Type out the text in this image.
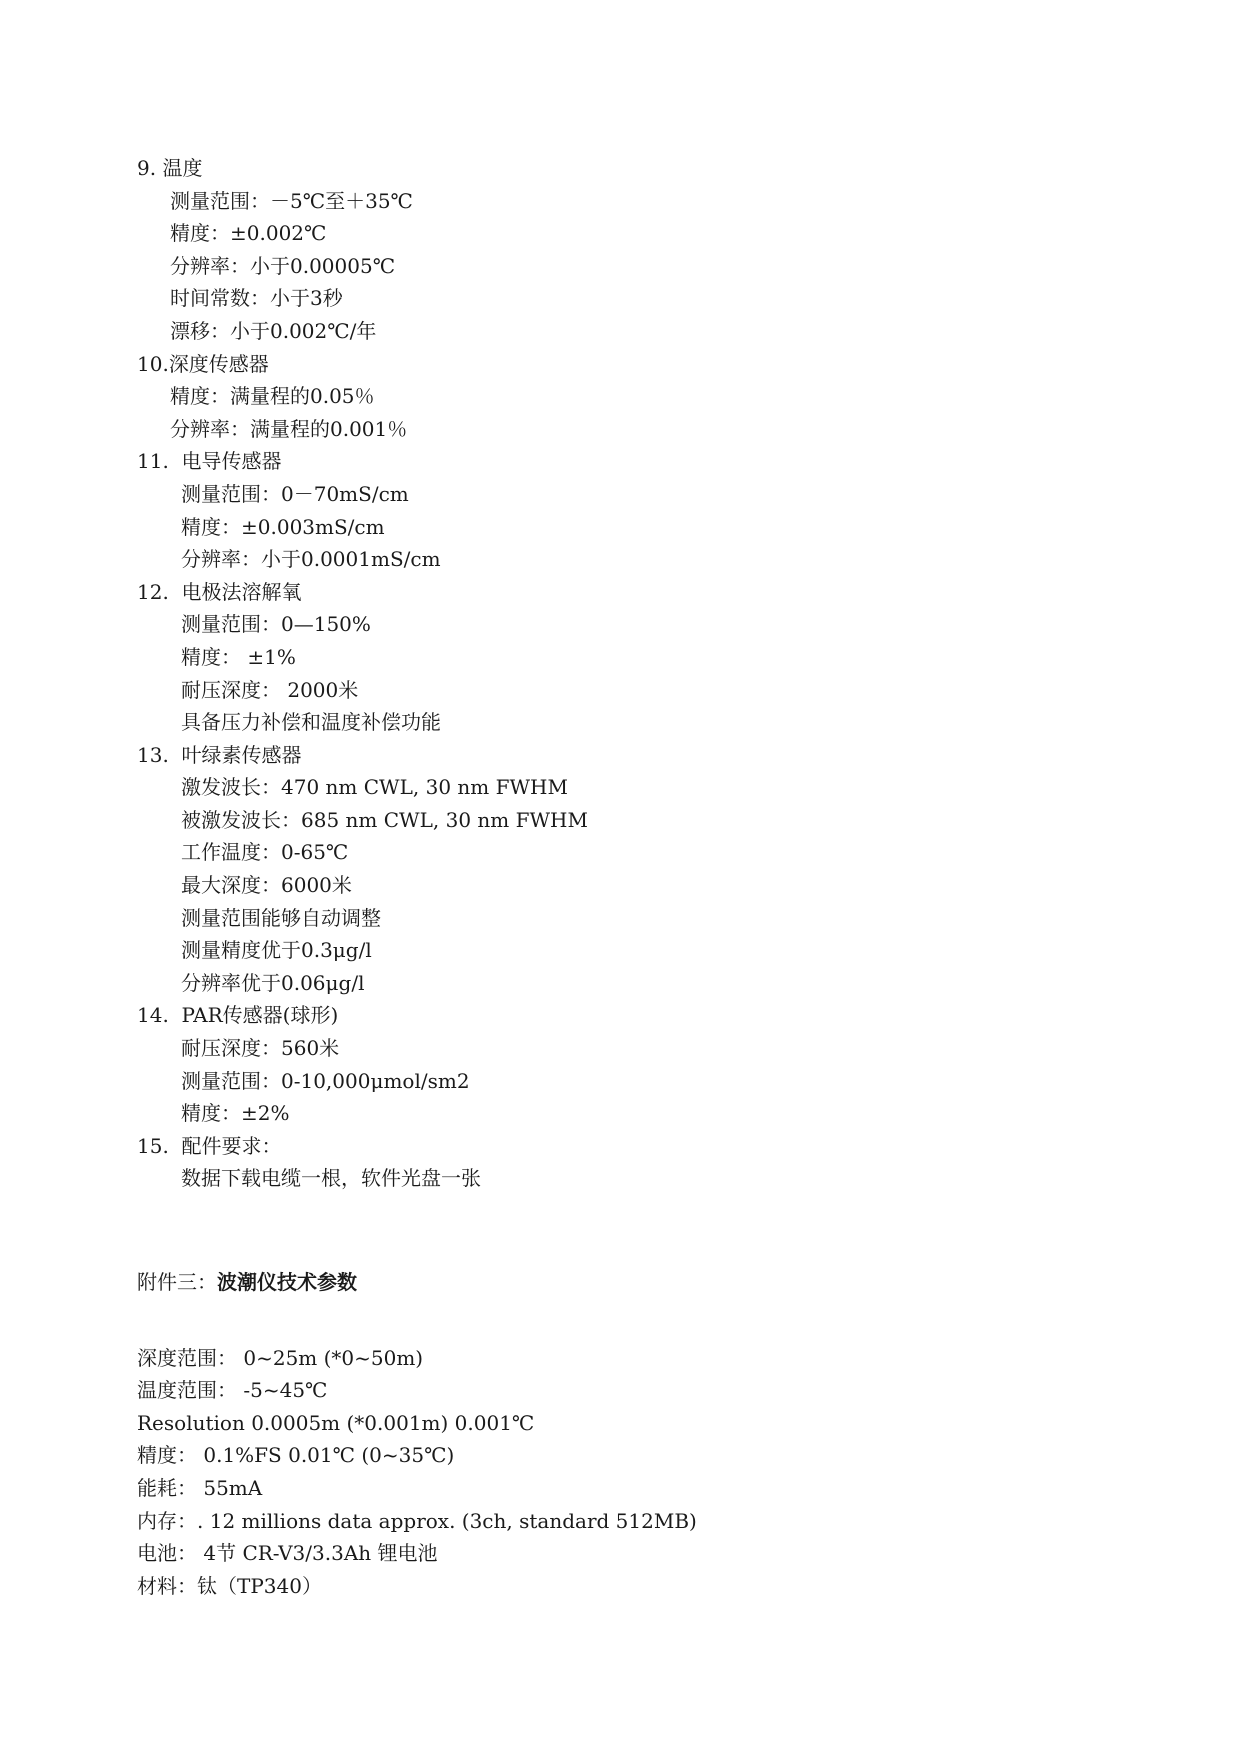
9. 温度
测量范围：－5℃至＋35℃
精度：±0.002℃
分辨率：小于0.00005℃
时间常数：小于3秒
漂移：小于0.002℃/年
10.深度传感器
精度：满量程的0.05％
分辨率：满量程的0.001％
11. 电导传感器
测量范围：0－70mS/cm
精度：±0.003mS/cm
分辨率：小于0.0001mS/cm
12. 电极法溶解氧
测量范围：0—150%
精度： ±1%
耐压深度： 2000米
具备压力补偿和温度补偿功能
13. 叶绿素传感器
激发波长：470 nm CWL, 30 nm FWHM
被激发波长：685 nm CWL, 30 nm FWHM
工作温度：0-65℃
最大深度：6000米
测量范围能够自动调整
测量精度优于0.3μg/l
分辨率优于0.06μg/l
14. PAR传感器(球形)
耐压深度：560米
测量范围：0-10,000μmol/sm2
精度：±2%
15. 配件要求：
数据下载电缆一根，软件光盘一张
附件三：波潮仪技术参数
深度范围： 0~25m (*0~50m)
温度范围： -5~45℃
Resolution 0.0005m (*0.001m) 0.001℃
精度： 0.1%FS 0.01℃ (0~35℃)
能耗： 55mA
内存：. 12 millions data approx. (3ch, standard 512MB)
电池： 4节 CR-V3/3.3Ah 锂电池
材料：钛（TP340）
